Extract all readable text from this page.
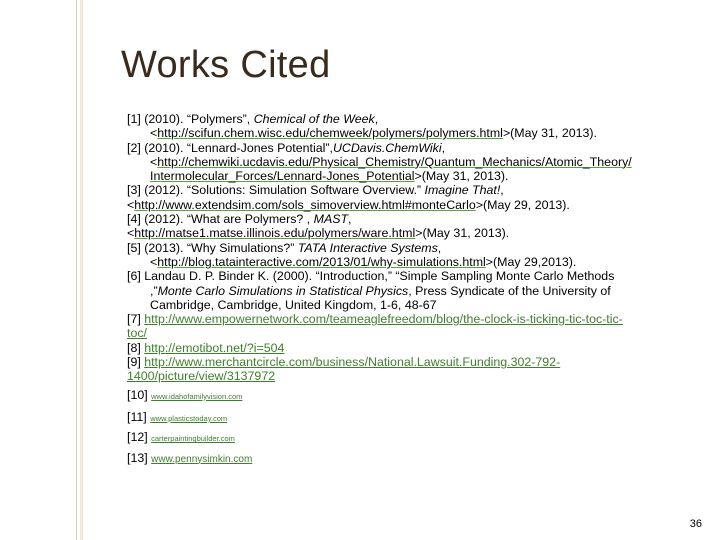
Works Cited
[1] (2010). “Polymers”, Chemical of the Week,
<http://scifun.chem.wisc.edu/chemweek/polymers/polymers.html>(May 31, 2013).
[2] (2010). “Lennard-Jones Potential”,UCDavis.ChemWiki,
<http://chemwiki.ucdavis.edu/Physical_Chemistry/Quantum_Mechanics/Atomic_Theory/
Intermolecular_Forces/Lennard-Jones_Potential>(May 31, 2013).
[3] (2012). “Solutions: Simulation Software Overview.” Imagine That!,
<http://www.extendsim.com/sols_simoverview.html#monteCarlo>(May 29, 2013).
[4] (2012). “What are Polymers? , MAST,
<http://matse1.matse.illinois.edu/polymers/ware.html>(May 31, 2013).
[5] (2013). “Why Simulations?” TATA Interactive Systems,
<http://blog.tatainteractive.com/2013/01/why-simulations.html>(May 29,2013).
[6] Landau D. P. Binder K. (2000). “Introduction,” “Simple Sampling Monte Carlo Methods
,”Monte Carlo Simulations in Statistical Physics, Press Syndicate of the University of
Cambridge, Cambridge, United Kingdom, 1-6, 48-67
[7] http://www.empowernetwork.com/teameaglefreedom/blog/the-clock-is-ticking-tic-toc-tic-
toc/
[8] http://emotibot.net/?i=504
[9] http://www.merchantcircle.com/business/National.Lawsuit.Funding.302-792-
1400/picture/view/3137972
[10] www.idahofamilyvision.com
[11] www.plasticstoday.com
[12] carterpaintingbuilder.com
[13] www.pennysimkin.com
36
